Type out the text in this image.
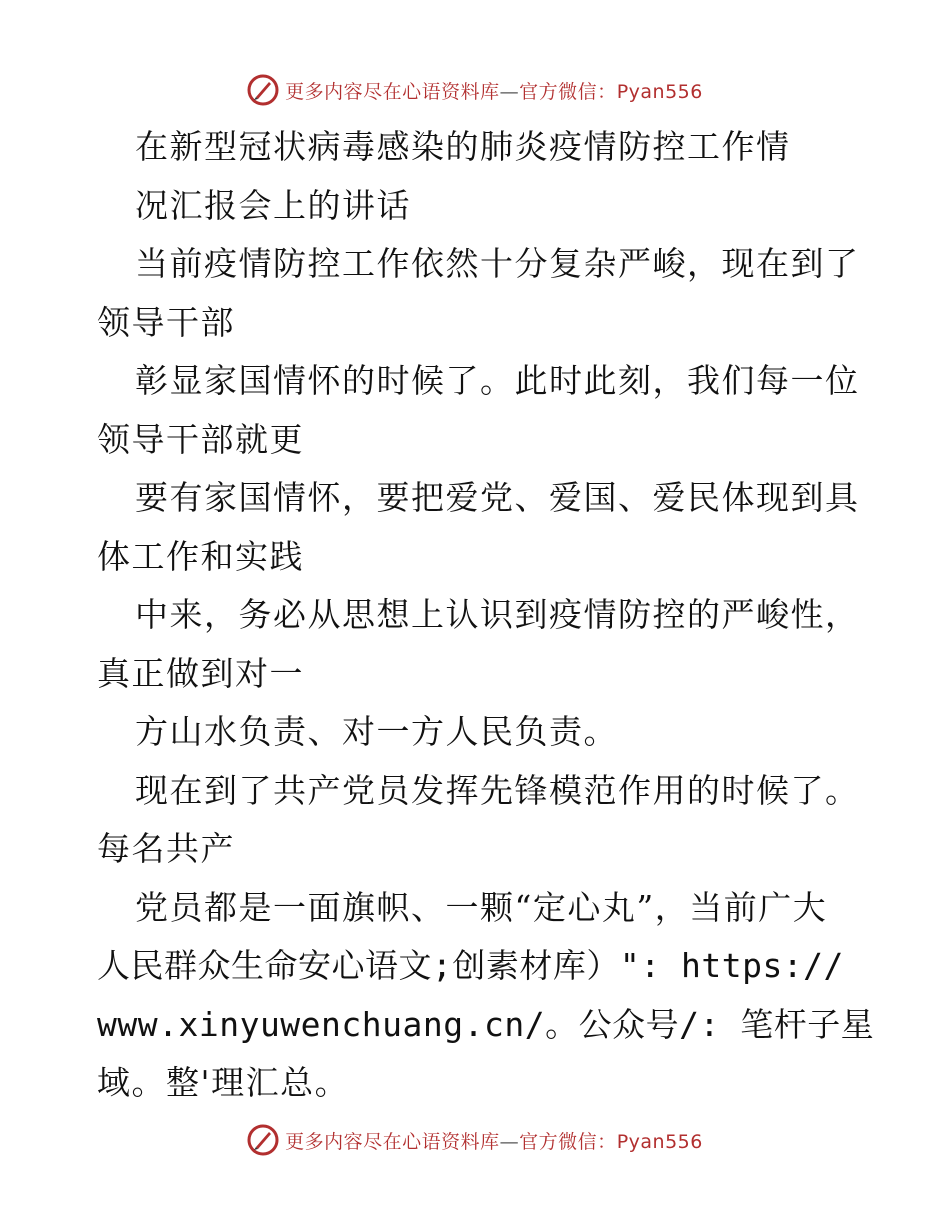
更多内容尽在心语资料库—官方微信：Pyan556
在新型冠状病毒感染的肺炎疫情防控工作情
况汇报会上的讲话
当前疫情防控工作依然十分复杂严峻，现在到了
领导干部
彰显家国情怀的时候了。此时此刻，我们每一位
领导干部就更
要有家国情怀，要把爱党、爱国、爱民体现到具
体工作和实践
中来，务必从思想上认识到疫情防控的严峻性，
真正做到对一
方山水负责、对一方人民负责。
现在到了共产党员发挥先锋模范作用的时候了。
每名共产
党员都是一面旗帜、一颗“定心丸”，当前广大
人民群众生命安心语文;创素材库）": https://
www.xinyuwenchuang.cn/。公众号/: 笔杆子星
域。整'理汇总。
更多内容尽在心语资料库—官方微信：Pyan556
